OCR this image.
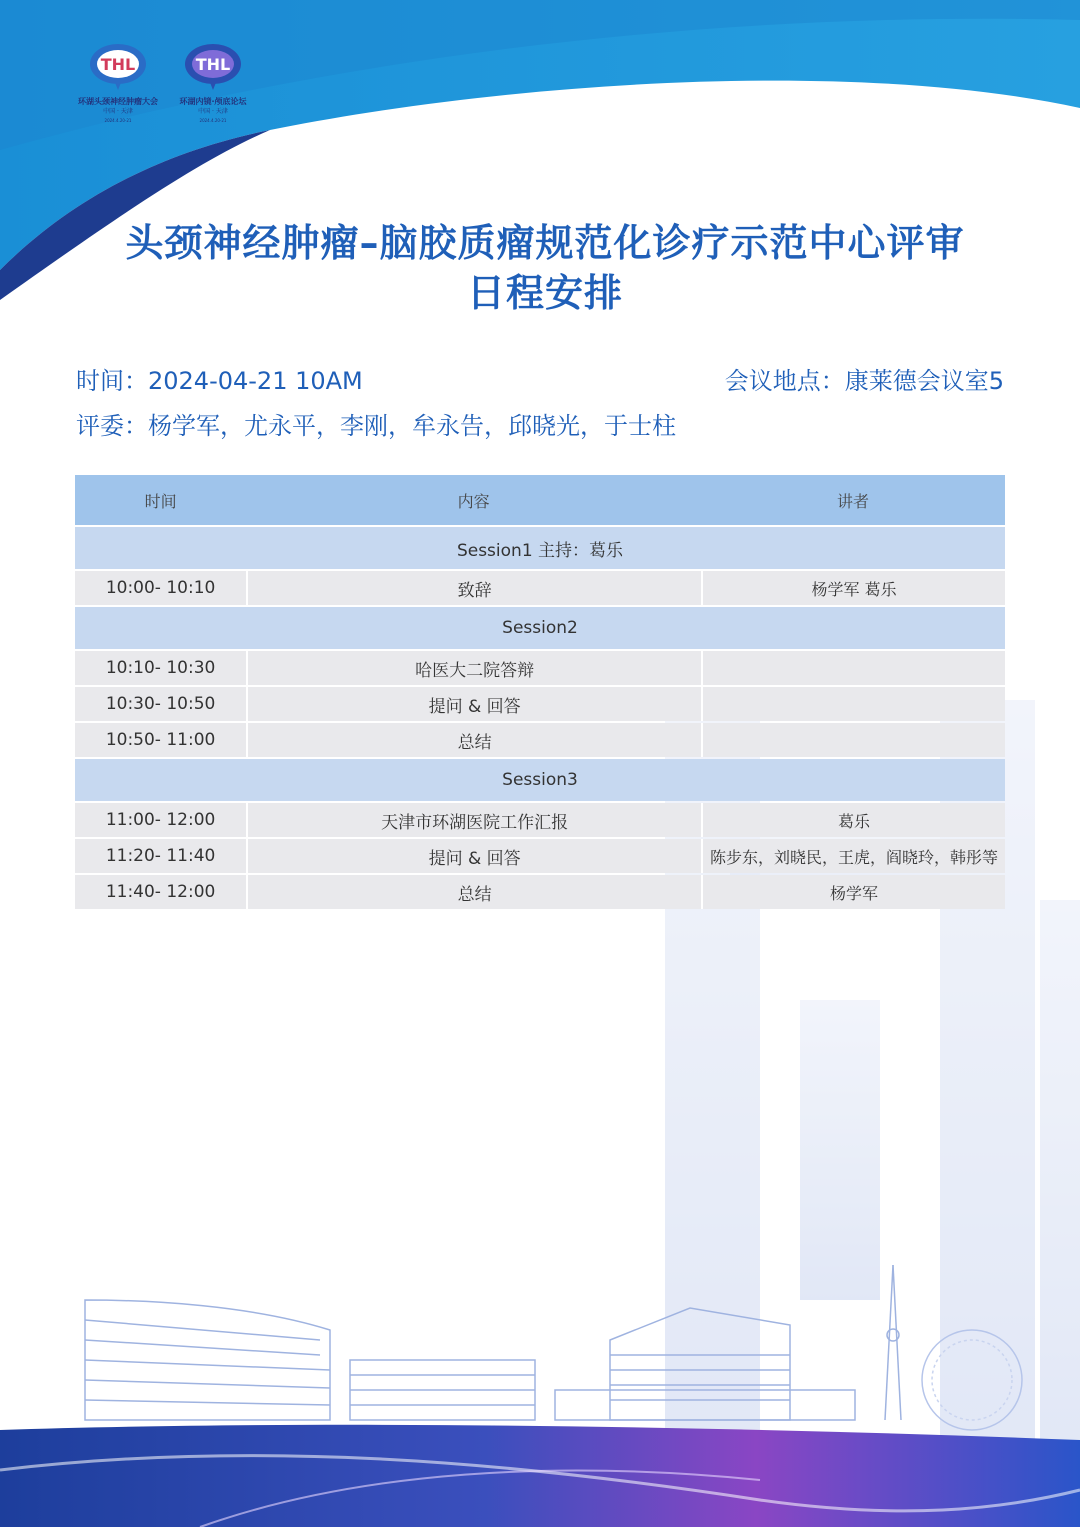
THL
环湖头颈神经肿瘤大会
中国 · 天津
2024.4.20-21
THL
环湖内镜·颅底论坛
中国 · 天津
2024.4.20-21
头颈神经肿瘤–脑胶质瘤规范化诊疗示范中心评审
日程安排
时间：2024-04-21 10AM	会议地点：康莱德会议室5
评委：杨学军，尤永平，李刚，牟永告，邱晓光，于士柱
时间	内容	讲者
Session1 主持：葛乐		
10:00- 10:10	致辞	杨学军 葛乐
Session2		
10:10- 10:30	哈医大二院答辩	
10:30- 10:50	提问 & 回答	
10:50- 11:00	总结	
Session3		
11:00- 12:00	天津市环湖医院工作汇报	葛乐
11:20- 11:40	提问 & 回答	陈步东，刘晓民，王虎，阎晓玲，韩彤等
11:40- 12:00	总结	杨学军
